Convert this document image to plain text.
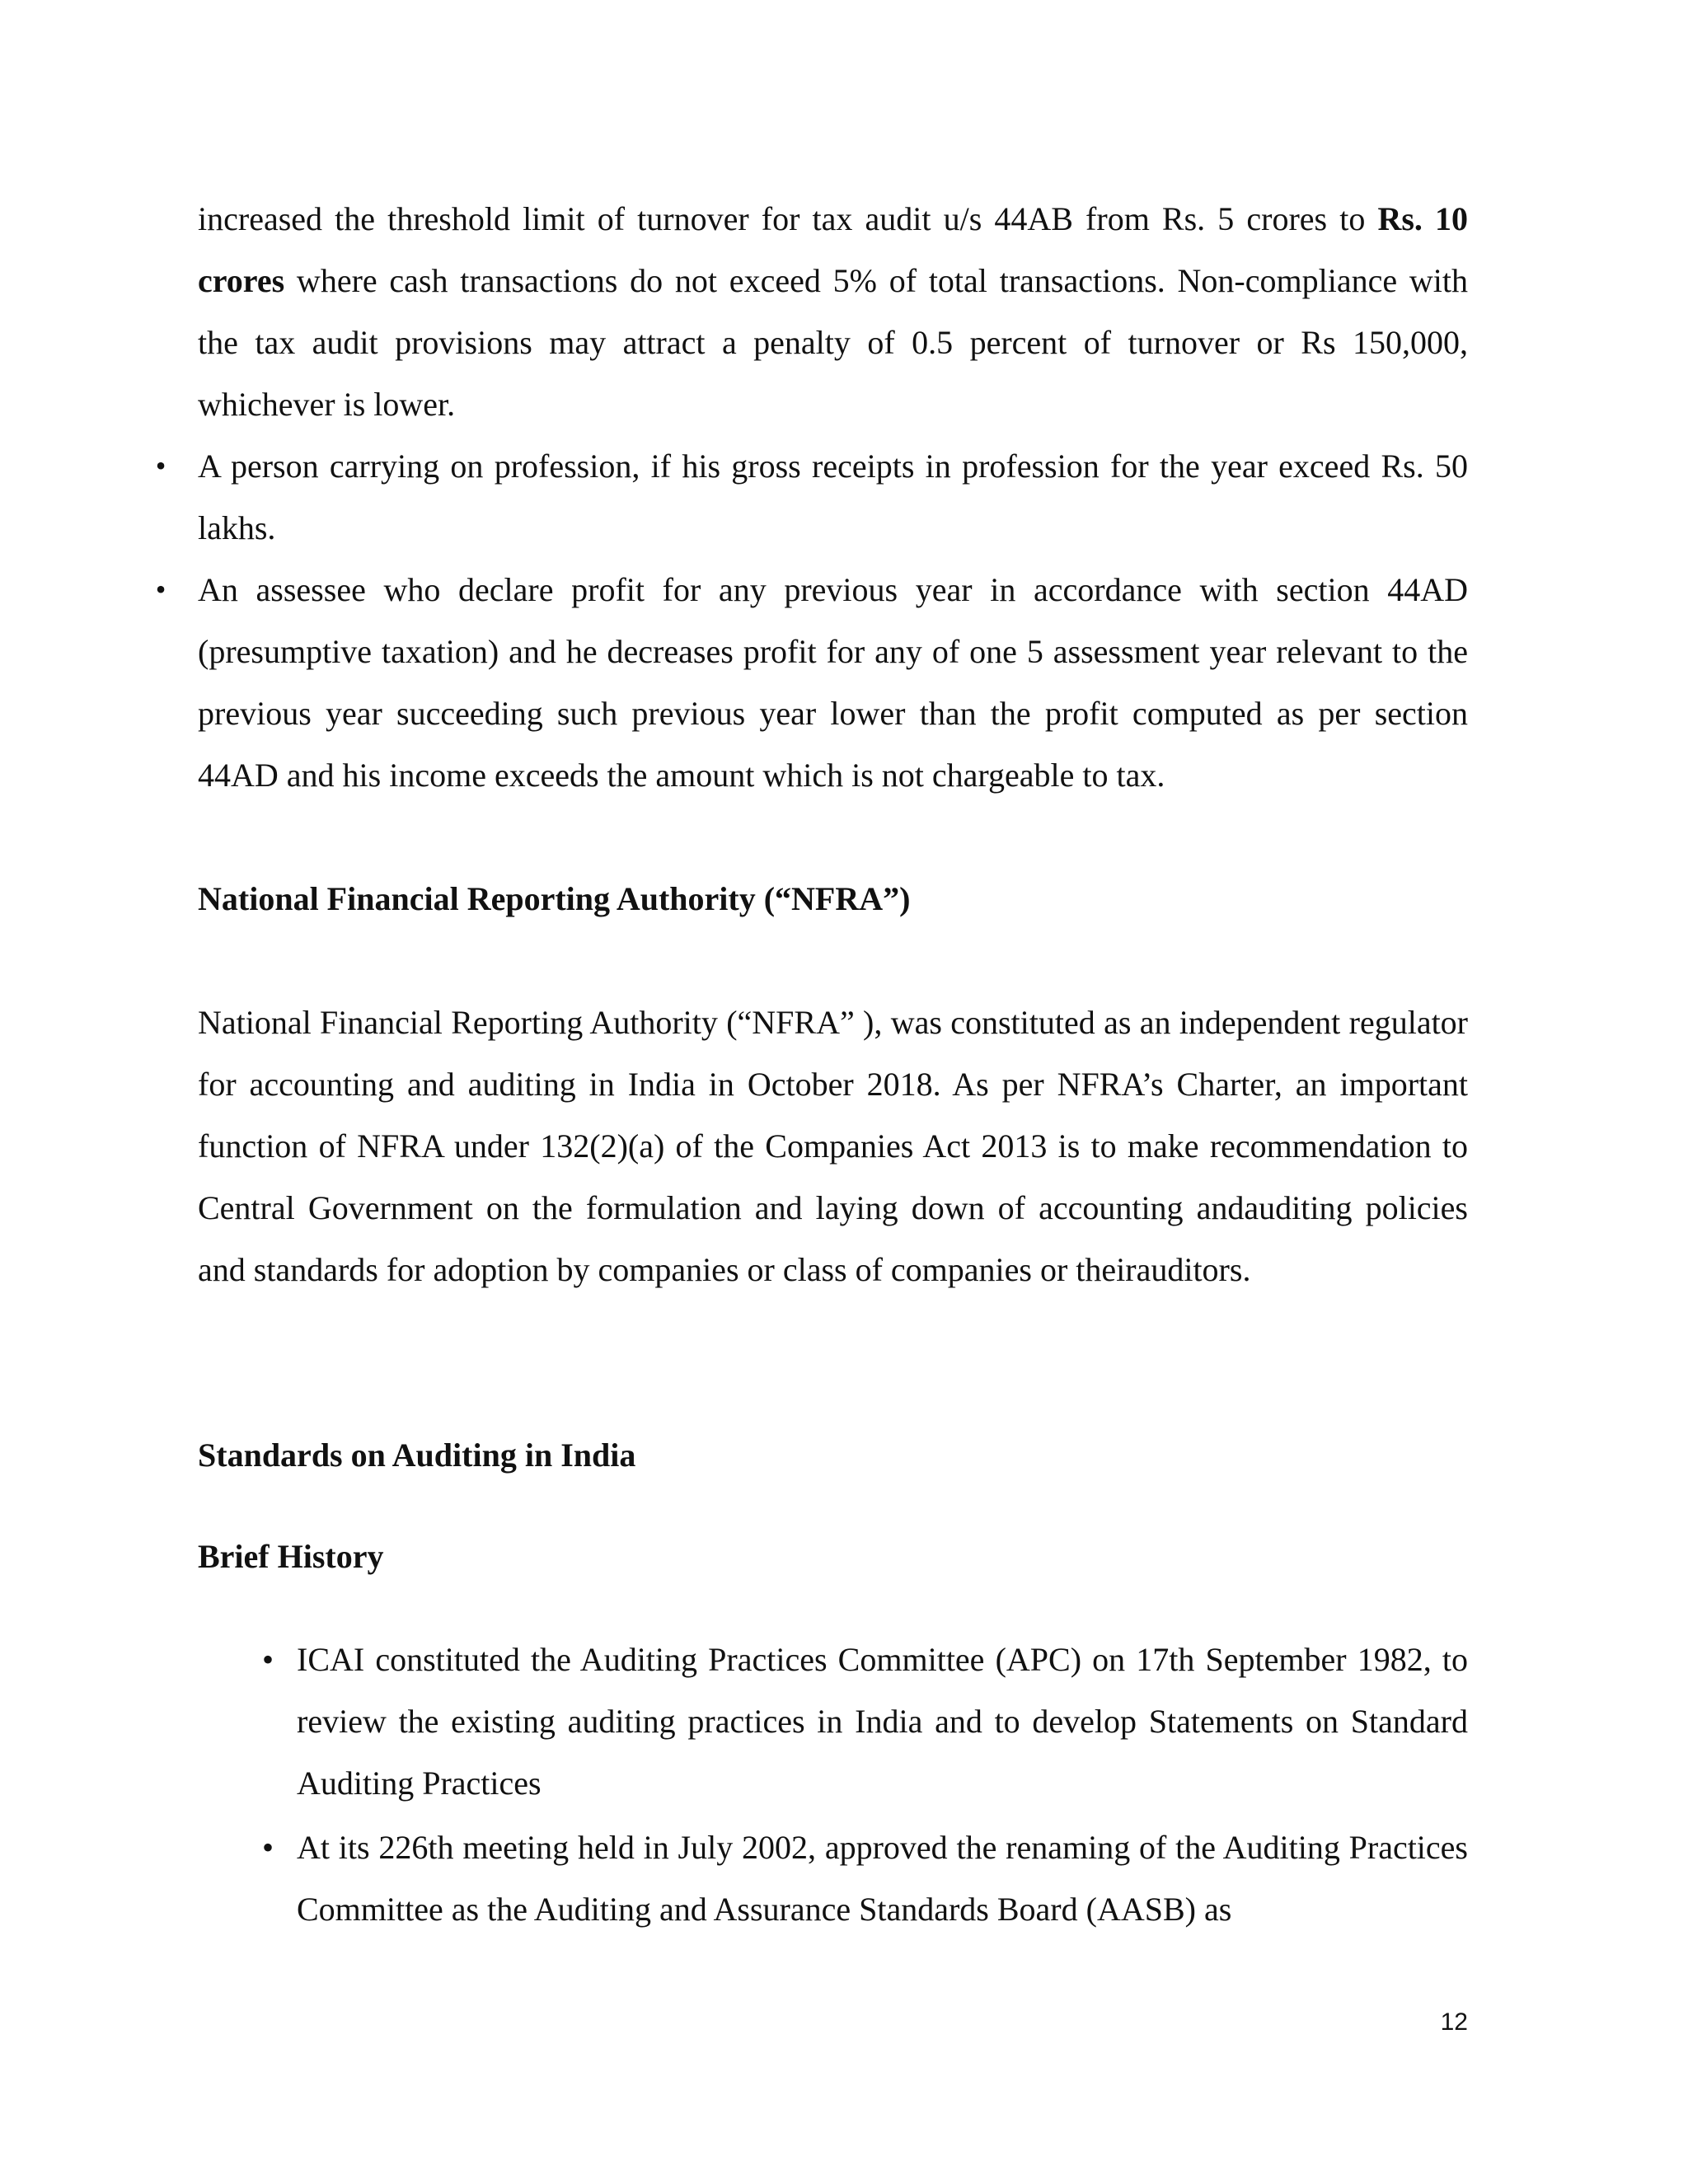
increased the threshold limit of turnover for tax audit u/s 44AB from Rs. 5 crores to Rs. 10 crores where cash transactions do not exceed 5% of total transactions. Non-compliance with the tax audit provisions may attract a penalty of 0.5 percent of turnover or Rs 150,000, whichever is lower.

• A person carrying on profession, if his gross receipts in profession for the year exceed Rs. 50 lakhs.
• An assessee who declare profit for any previous year in accordance with section 44AD (presumptive taxation) and he decreases profit for any of one 5 assessment year relevant to the previous year succeeding such previous year lower than the profit computed as per section 44AD and his income exceeds the amount which is not chargeable to tax.
National Financial Reporting Authority (“NFRA”)

National Financial Reporting Authority (“NFRA” ), was constituted as an independent regulator for accounting and auditing in India in October 2018. As per NFRA’s Charter, an important function of NFRA under 132(2)(a) of the Companies Act 2013 is to make recommendation to Central Government on the formulation and laying down of accounting andauditing policies and standards for adoption by companies or class of companies or theirauditors.

Standards on Auditing in India
Brief History
• ICAI constituted the Auditing Practices Committee (APC) on 17th September 1982, to review the existing auditing practices in India and to develop Statements on Standard Auditing Practices
• At its 226th meeting held in July 2002, approved the renaming of the Auditing Practices Committee as the Auditing and Assurance Standards Board (AASB) as
12
